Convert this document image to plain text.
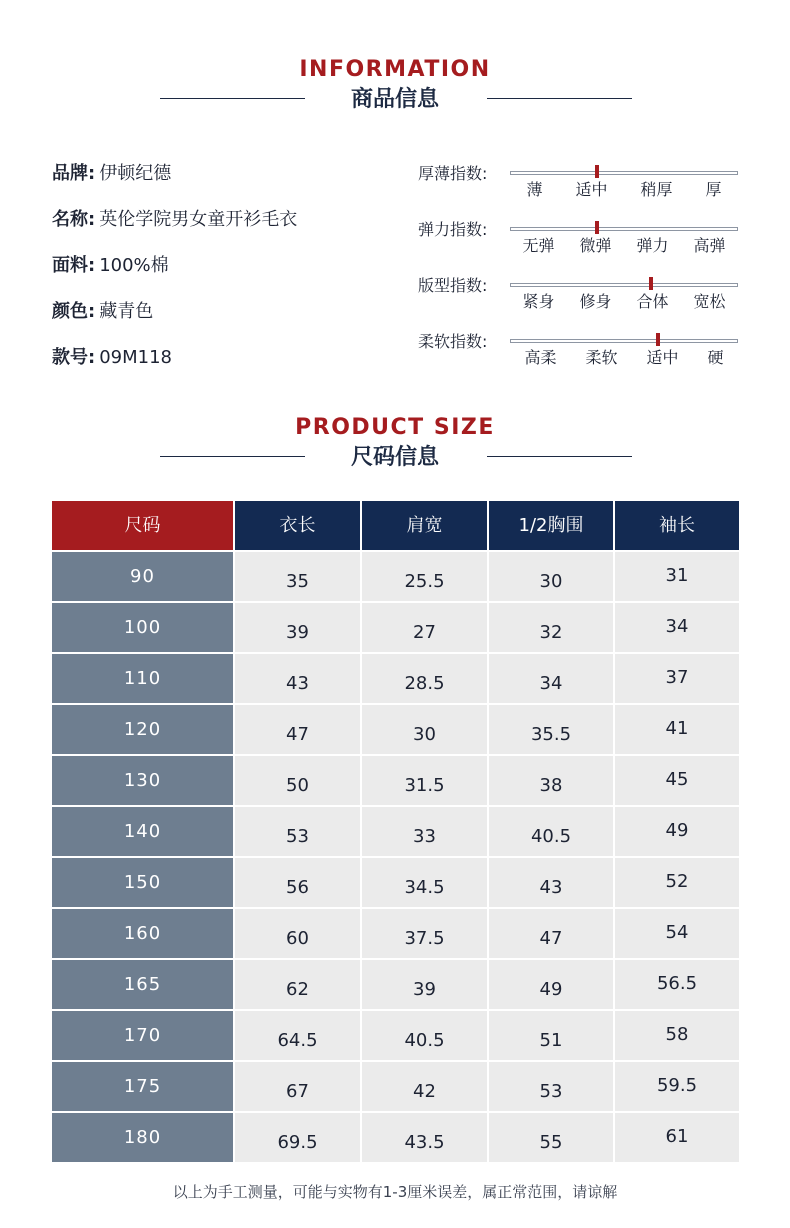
INFORMATION
商品信息
品牌: 伊顿纪德
名称: 英伦学院男女童开衫毛衣
面料: 100%棉
颜色: 藏青色
款号: 09M118
厚薄指数:
薄 适中 稍厚 厚
弹力指数:
无弹 微弹 弹力 高弹
版型指数:
紧身 修身 合体 宽松
柔软指数:
高柔 柔软 适中 硬
PRODUCT SIZE
尺码信息
尺码	衣长	肩宽	1/2胸围	袖长
90	35	25.5	30	31
100	39	27	32	34
110	43	28.5	34	37
120	47	30	35.5	41
130	50	31.5	38	45
140	53	33	40.5	49
150	56	34.5	43	52
160	60	37.5	47	54
165	62	39	49	56.5
170	64.5	40.5	51	58
175	67	42	53	59.5
180	69.5	43.5	55	61
以上为手工测量，可能与实物有1-3厘米误差，属正常范围，请谅解
